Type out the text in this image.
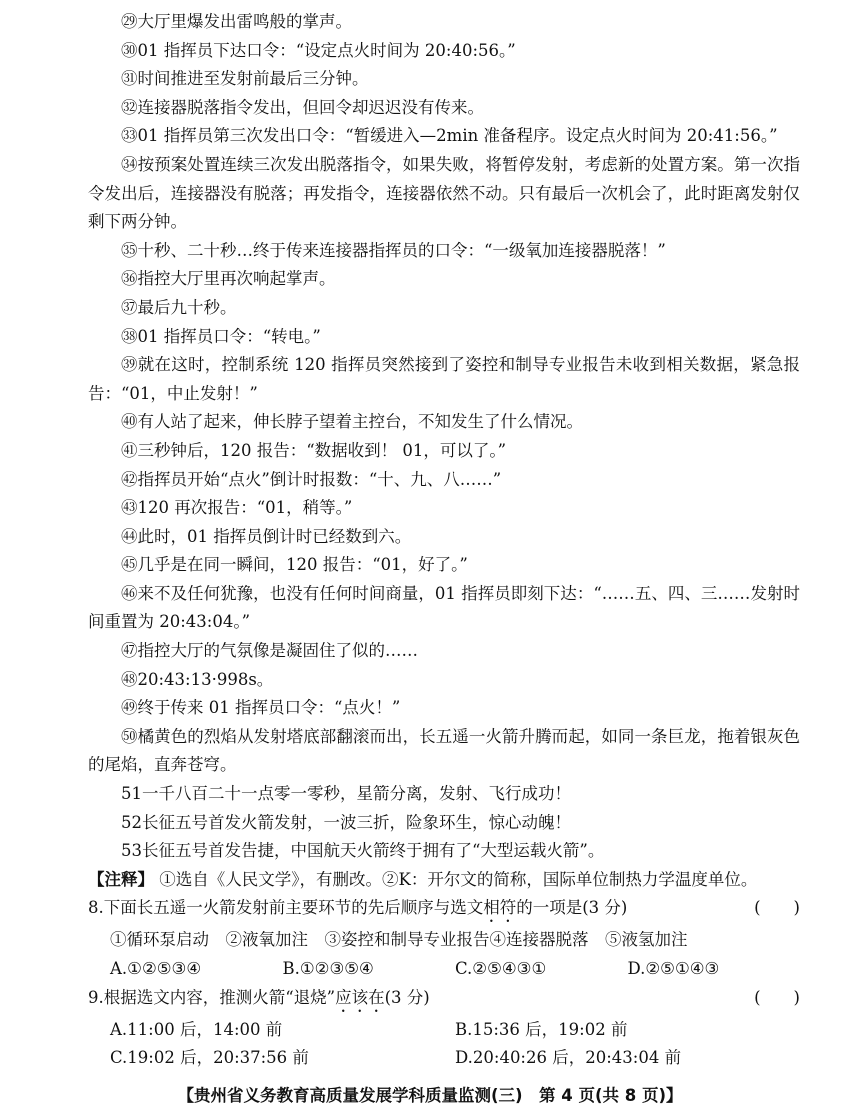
㉙大厅里爆发出雷鸣般的掌声。

㉚01 指挥员下达口令：“设定点火时间为 20:40:56。”

㉛时间推进至发射前最后三分钟。

㉜连接器脱落指令发出，但回令却迟迟没有传来。

㉝01 指挥员第三次发出口令：“暂缓进入—2min 准备程序。设定点火时间为 20:41:56。”

㉞按预案处置连续三次发出脱落指令，如果失败，将暂停发射，考虑新的处置方案。第一次指令发出后，连接器没有脱落；再发指令，连接器依然不动。只有最后一次机会了，此时距离发射仅剩下两分钟。

㉟十秒、二十秒…终于传来连接器指挥员的口令：“一级氧加连接器脱落！”

㊱指控大厅里再次响起掌声。

㊲最后九十秒。

㊳01 指挥员口令：“转电。”

㊴就在这时，控制系统 120 指挥员突然接到了姿控和制导专业报告未收到相关数据，紧急报告：“01，中止发射！”

㊵有人站了起来，伸长脖子望着主控台，不知发生了什么情况。

㊶三秒钟后，120 报告：“数据收到！ 01，可以了。”

㊷指挥员开始“点火”倒计时报数：“十、九、八……”

㊸120 再次报告：“01，稍等。”

㊹此时，01 指挥员倒计时已经数到六。

㊺几乎是在同一瞬间，120 报告：“01，好了。”

㊻来不及任何犹豫，也没有任何时间商量，01 指挥员即刻下达：“……五、四、三……发射时间重置为 20:43:04。”

㊼指控大厅的气氛像是凝固住了似的……

㊽20:43:13·998s。

㊾终于传来 01 指挥员口令：“点火！”

㊿橘黄色的烈焰从发射塔底部翻滚而出，长五遥一火箭升腾而起，如同一条巨龙，拖着银灰色的尾焰，直奔苍穹。

51一千八百二十一点零一零秒，星箭分离，发射、飞行成功！

52长征五号首发火箭发射，一波三折，险象环生，惊心动魄！

53长征五号首发告捷，中国航天火箭终于拥有了“大型运载火箭”。

【注释】 ①选自《人民文学》，有删改。②K：开尔文的简称，国际单位制热力学温度单位。

8.下面长五遥一火箭发射前主要环节的先后顺序与选文相符的一项是(3 分)	(　　)

①循环泵启动　②液氧加注　③姿控和制导专业报告④连接器脱落　⑤液氢加注

A.①②⑤③④	B.①②③⑤④	C.②⑤④③①	D.②⑤①④③

9.根据选文内容，推测火箭“退烧”应该在(3 分)	(　　)

A.11:00 后，14:00 前	B.15:36 后，19:02 前
C.19:02 后，20:37:56 前	D.20:40:26 后，20:43:04 前
【贵州省义务教育高质量发展学科质量监测(三)　第 4 页(共 8 页)】
